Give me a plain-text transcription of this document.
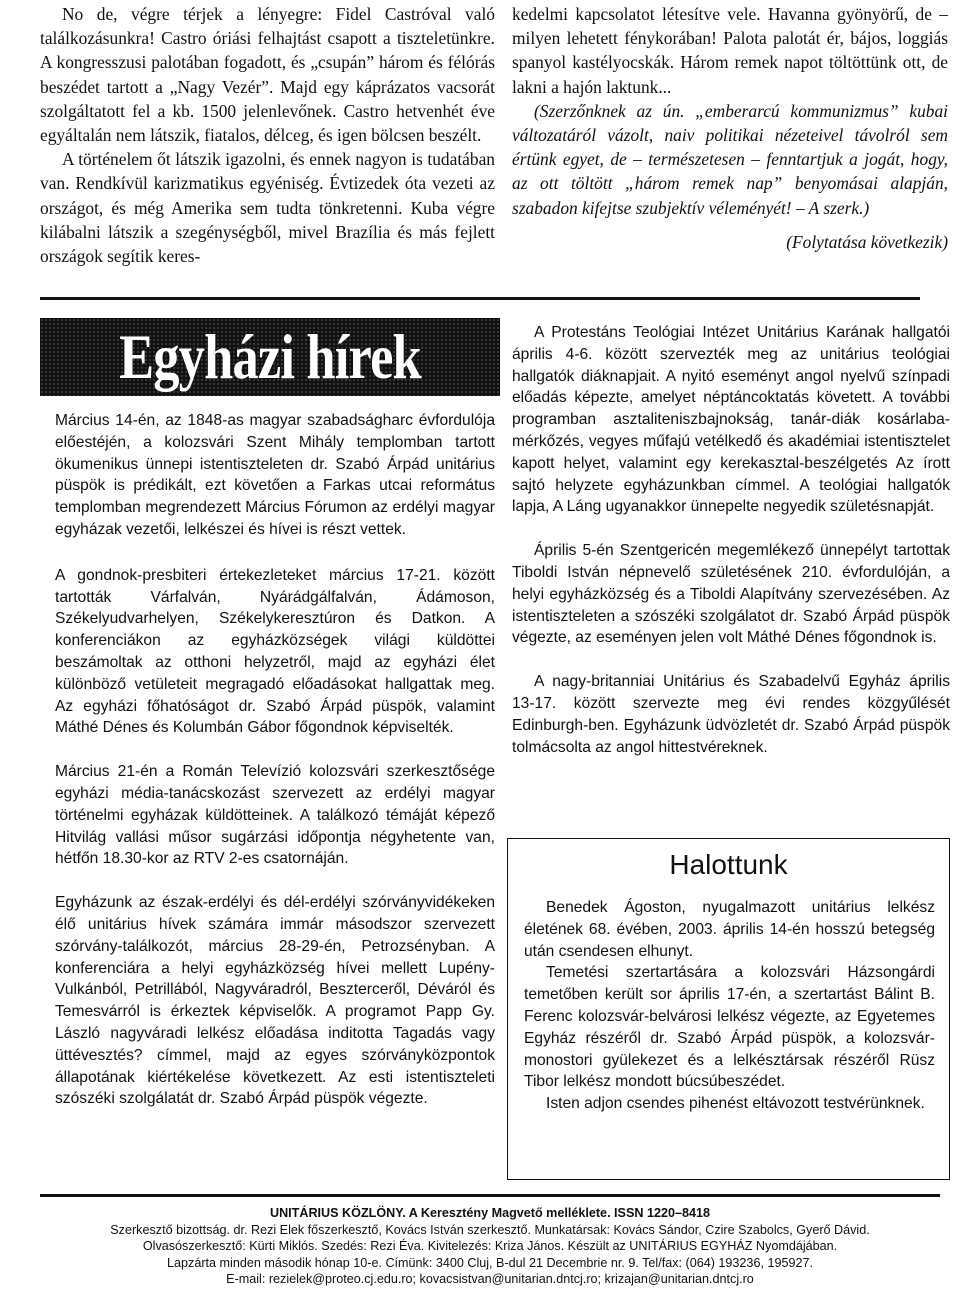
No de, végre térjek a lényegre: Fidel Castróval való találkozásunkra! Castro óriási felhajtást csapott a tiszteletünkre. A kongresszusi palotában fogadott, és „csupán” három és félórás beszédet tartott a „Nagy Vezér”. Majd egy káprázatos vacsorát szolgáltatott fel a kb. 1500 jelenlevőnek. Castro hetvenhét éve egyáltalán nem látszik, fiatalos, délceg, és igen bölcsen beszélt.

A történelem őt látszik igazolni, és ennek nagyon is tudatában van. Rendkívül karizmatikus egyéniség. Évtizedek óta vezeti az országot, és még Amerika sem tudta tönkretenni. Kuba végre kilábalni látszik a szegénységből, mivel Brazília és más fejlett országok segítik keres-

kedelmi kapcsolatot létesítve vele. Havanna gyönyörű, de – milyen lehetett fénykorában! Palota palotát ér, bájos, loggiás spanyol kastélyocskák. Három remek napot töltöttünk ott, de lakni a hajón laktunk...

(Szerzőnknek az ún. „emberarcú kommunizmus” kubai változatáról vázolt, naiv politikai nézeteivel távolról sem értünk egyet, de – természetesen – fenntartjuk a jogát, hogy, az ott töltött „három remek nap” benyomásai alapján, szabadon kifejtse szubjektív véleményét! – A szerk.)

(Folytatása következik)

Egyházi hírek

Március 14-én, az 1848-as magyar szabadságharc évfordulója előestéjén, a kolozsvári Szent Mihály templomban tartott ökumenikus ünnepi istentiszteleten dr. Szabó Árpád unitárius püspök is prédikált, ezt követően a Farkas utcai református templomban megrendezett Március Fórumon az erdélyi magyar egyházak vezetői, lelkészei és hívei is részt vettek.

A gondnok-presbiteri értekezleteket március 17-21. között tartották Várfalván, Nyárádgálfalván, Ádámoson, Székelyudvarhelyen, Székelykeresztúron és Datkon. A konferenciákon az egyházközségek világi küldöttei beszámoltak az otthoni helyzetről, majd az egyházi élet különböző vetületeit megragadó előadásokat hallgattak meg. Az egyházi főhatóságot dr. Szabó Árpád püspök, valamint Máthé Dénes és Kolumbán Gábor főgondnok képviselték.

Március 21-én a Román Televízió kolozsvári szerkesztősége egyházi média-tanácskozást szervezett az erdélyi magyar történelmi egyházak küldötteinek. A találkozó témáját képező Hitvilág vallási műsor sugárzási időpontja négyhetente van, hétfőn 18.30-kor az RTV 2-es csatornáján.

Egyházunk az észak-erdélyi és dél-erdélyi szórványvidékeken élő unitárius hívek számára immár másodszor szervezett szórvány-találkozót, március 28-29-én, Petrozsényban. A konferenciára a helyi egyházközség hívei mellett Lupény-Vulkánból, Petrillából, Nagyváradról, Beszterceről, Déváról és Temesvárról is érkeztek képviselők. A programot Papp Gy. László nagyváradi lelkész előadása inditotta Tagadás vagy üttévesztés? címmel, majd az egyes szórványközpontok állapotának kiértékelése következett. Az esti istentiszteleti szószéki szolgálatát dr. Szabó Árpád püspök végezte.

A Protestáns Teológiai Intézet Unitárius Karának hallgatói április 4-6. között szervezték meg az unitárius teológiai hallgatók diáknapjait. A nyitó eseményt angol nyelvű színpadi előadás képezte, amelyet néptáncoktatás követett. A további programban asztaliteniszbajnokság, tanár-diák kosárlaba-mérkőzés, vegyes műfajú vetélkedő és akadémiai istentisztelet kapott helyet, valamint egy kerekasztal-beszélgetés Az írott sajtó helyzete egyházunkban címmel. A teológiai hallgatók lapja, A Láng ugyanakkor ünnepelte negyedik születésnapját.

Április 5-én Szentgericén megemlékező ünnepélyt tartottak Tiboldi István népnevelő születésének 210. évfordulóján, a helyi egyházközség és a Tiboldi Alapítvány szervezésében. Az istentiszteleten a szószéki szolgálatot dr. Szabó Árpád püspök végezte, az eseményen jelen volt Máthé Dénes főgondnok is.

A nagy-britanniai Unitárius és Szabadelvű Egyház április 13-17. között szervezte meg évi rendes közgyűlését Edinburgh-ben. Egyházunk üdvözletét dr. Szabó Árpád püspök tolmácsolta az angol hittestvéreknek.

Halottunk

Benedek Ágoston, nyugalmazott unitárius lelkész életének 68. évében, 2003. április 14-én hosszú betegség után csendesen elhunyt.

Temetési szertartására a kolozsvári Házsongárdi temetőben került sor április 17-én, a szertartást Bálint B. Ferenc kolozsvár-belvárosi lelkész végezte, az Egyetemes Egyház részéről dr. Szabó Árpád püspök, a kolozsvár-monostori gyülekezet és a lelkésztársak részéről Rüsz Tibor lelkész mondott búcsúbeszédet.

Isten adjon csendes pihenést eltávozott testvérünknek.

UNITÁRIUS KÖZLÖNY. A Keresztény Magvető melléklete. ISSN 1220–8418
Szerkesztő bizottság. dr. Rezi Elek főszerkesztő, Kovács István szerkesztő. Munkatársak: Kovács Sándor, Czire Szabolcs, Gyerő Dávid.
Olvasószerkesztő: Kürti Miklós. Szedés: Rezi Éva. Kivitelezés: Kriza János. Készült az UNITÁRIUS EGYHÁZ Nyomdájában.
Lapzárta minden második hónap 10-e. Címünk: 3400 Cluj, B-dul 21 Decembrie nr. 9. Tel/fax: (064) 193236, 195927.
E-mail: rezielek@proteo.cj.edu.ro; kovacsistvan@unitarian.dntcj.ro; krizajan@unitarian.dntcj.ro
